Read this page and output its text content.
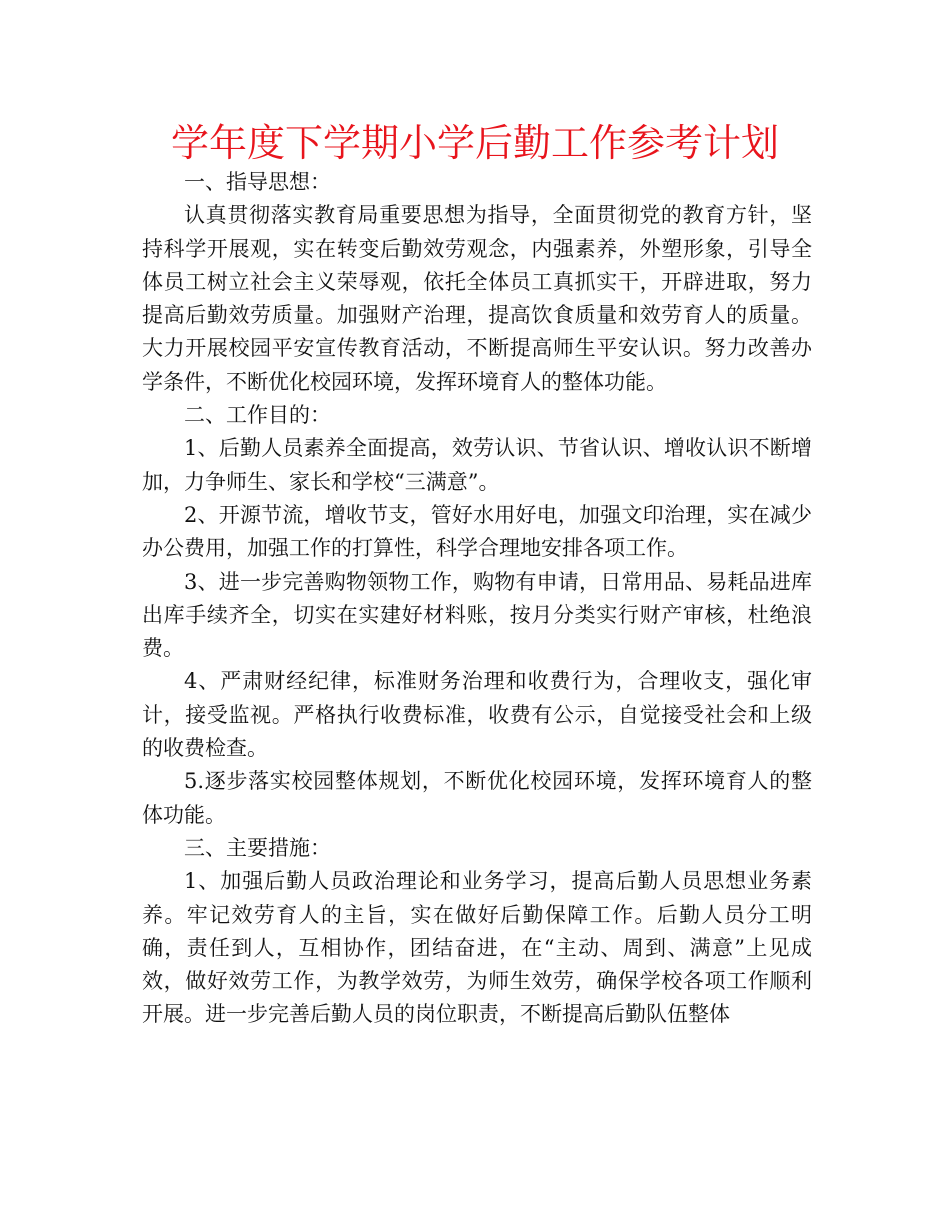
学年度下学期小学后勤工作参考计划

一、指导思想：

认真贯彻落实教育局重要思想为指导，全面贯彻党的教育方针，坚持科学开展观，实在转变后勤效劳观念，内强素养，外塑形象，引导全体员工树立社会主义荣辱观，依托全体员工真抓实干，开辟进取，努力提高后勤效劳质量。加强财产治理，提高饮食质量和效劳育人的质量。大力开展校园平安宣传教育活动，不断提高师生平安认识。努力改善办学条件，不断优化校园环境，发挥环境育人的整体功能。

二、工作目的：

1、后勤人员素养全面提高，效劳认识、节省认识、增收认识不断增加，力争师生、家长和学校“三满意”。

2、开源节流，增收节支，管好水用好电，加强文印治理，实在减少办公费用，加强工作的打算性，科学合理地安排各项工作。

3、进一步完善购物领物工作，购物有申请，日常用品、易耗品进库出库手续齐全，切实在实建好材料账，按月分类实行财产审核，杜绝浪费。

4、严肃财经纪律，标准财务治理和收费行为，合理收支，强化审计，接受监视。严格执行收费标准，收费有公示，自觉接受社会和上级的收费检查。

5.逐步落实校园整体规划，不断优化校园环境，发挥环境育人的整体功能。

三、主要措施：

1、加强后勤人员政治理论和业务学习，提高后勤人员思想业务素养。牢记效劳育人的主旨，实在做好后勤保障工作。后勤人员分工明确，责任到人，互相协作，团结奋进，在“主动、周到、满意”上见成效，做好效劳工作，为教学效劳，为师生效劳，确保学校各项工作顺利开展。进一步完善后勤人员的岗位职责，不断提高后勤队伍整体
